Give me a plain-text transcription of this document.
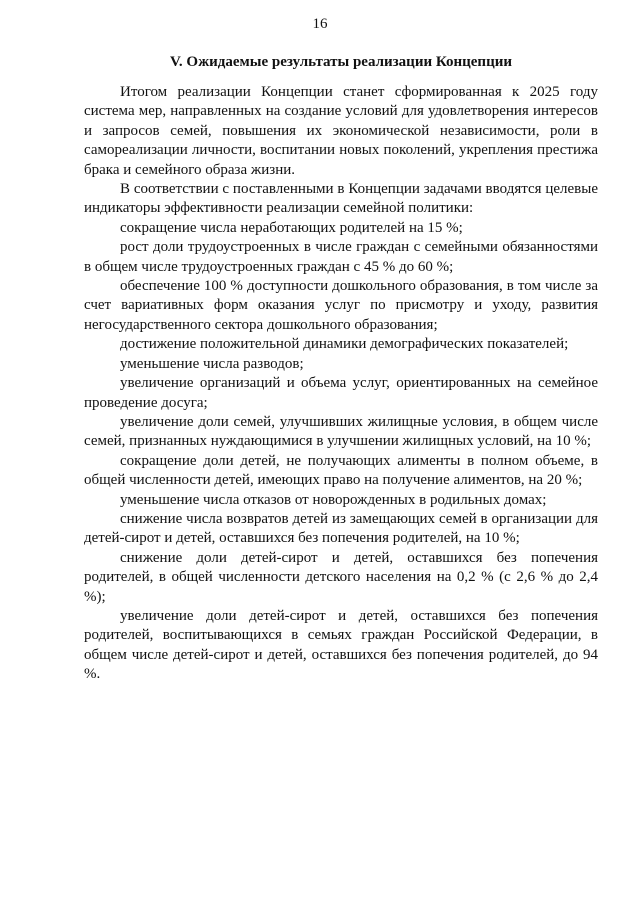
16
V. Ожидаемые результаты реализации Концепции

Итогом реализации Концепции станет сформированная к 2025 году система мер, направленных на создание условий для удовлетворения интересов и запросов семей, повышения их экономической независимости, роли в самореализации личности, воспитании новых поколений, укрепления престижа брака и семейного образа жизни.

В соответствии с поставленными в Концепции задачами вводятся целевые индикаторы эффективности реализации семейной политики:

сокращение числа неработающих родителей на 15 %;

рост доли трудоустроенных в числе граждан с семейными обязанностями в общем числе трудоустроенных граждан с 45 % до 60 %;

обеспечение 100 % доступности дошкольного образования, в том числе за счет вариативных форм оказания услуг по присмотру и уходу, развития негосударственного сектора дошкольного образования;

достижение положительной динамики демографических показателей;

уменьшение числа разводов;

увеличение организаций и объема услуг, ориентированных на семейное проведение досуга;

увеличение доли семей, улучшивших жилищные условия, в общем числе семей, признанных нуждающимися в улучшении жилищных условий, на 10 %;

сокращение доли детей, не получающих алименты в полном объеме, в общей численности детей, имеющих право на получение алиментов, на 20 %;

уменьшение числа отказов от новорожденных в родильных домах;

снижение числа возвратов детей из замещающих семей в организации для детей-сирот и детей, оставшихся без попечения родителей, на 10 %;

снижение доли детей-сирот и детей, оставшихся без попечения родителей, в общей численности детского населения на 0,2 % (с 2,6 % до 2,4 %);

увеличение доли детей-сирот и детей, оставшихся без попечения родителей, воспитывающихся в семьях граждан Российской Федерации, в общем числе детей-сирот и детей, оставшихся без попечения родителей, до 94 %.
